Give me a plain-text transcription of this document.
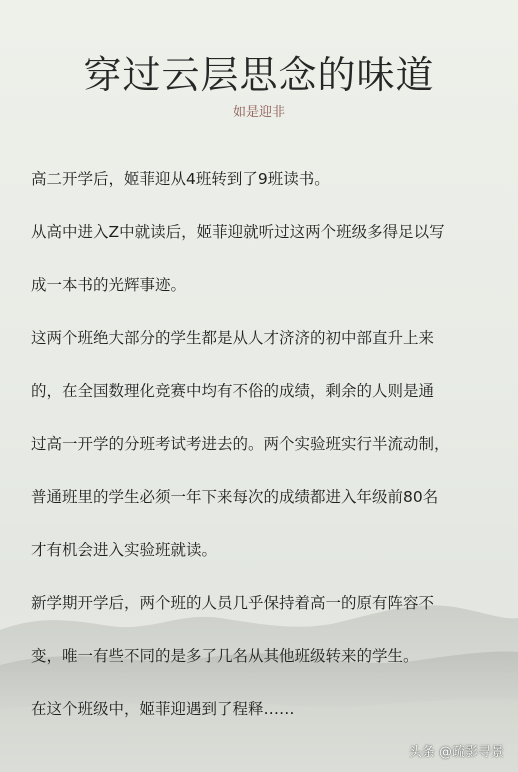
穿过云层思念的味道
如是迎非
高二开学后，姬菲迎从4班转到了9班读书。
从高中进入Z中就读后，姬菲迎就听过这两个班级多得足以写
成一本书的光辉事迹。
这两个班绝大部分的学生都是从人才济济的初中部直升上来
的，在全国数理化竞赛中均有不俗的成绩，剩余的人则是通
过高一开学的分班考试考进去的。两个实验班实行半流动制，
普通班里的学生必须一年下来每次的成绩都进入年级前80名
才有机会进入实验班就读。
新学期开学后，两个班的人员几乎保持着高一的原有阵容不
变，唯一有些不同的是多了几名从其他班级转来的学生。
在这个班级中，姬菲迎遇到了程释……
头条 @疏影寻景
